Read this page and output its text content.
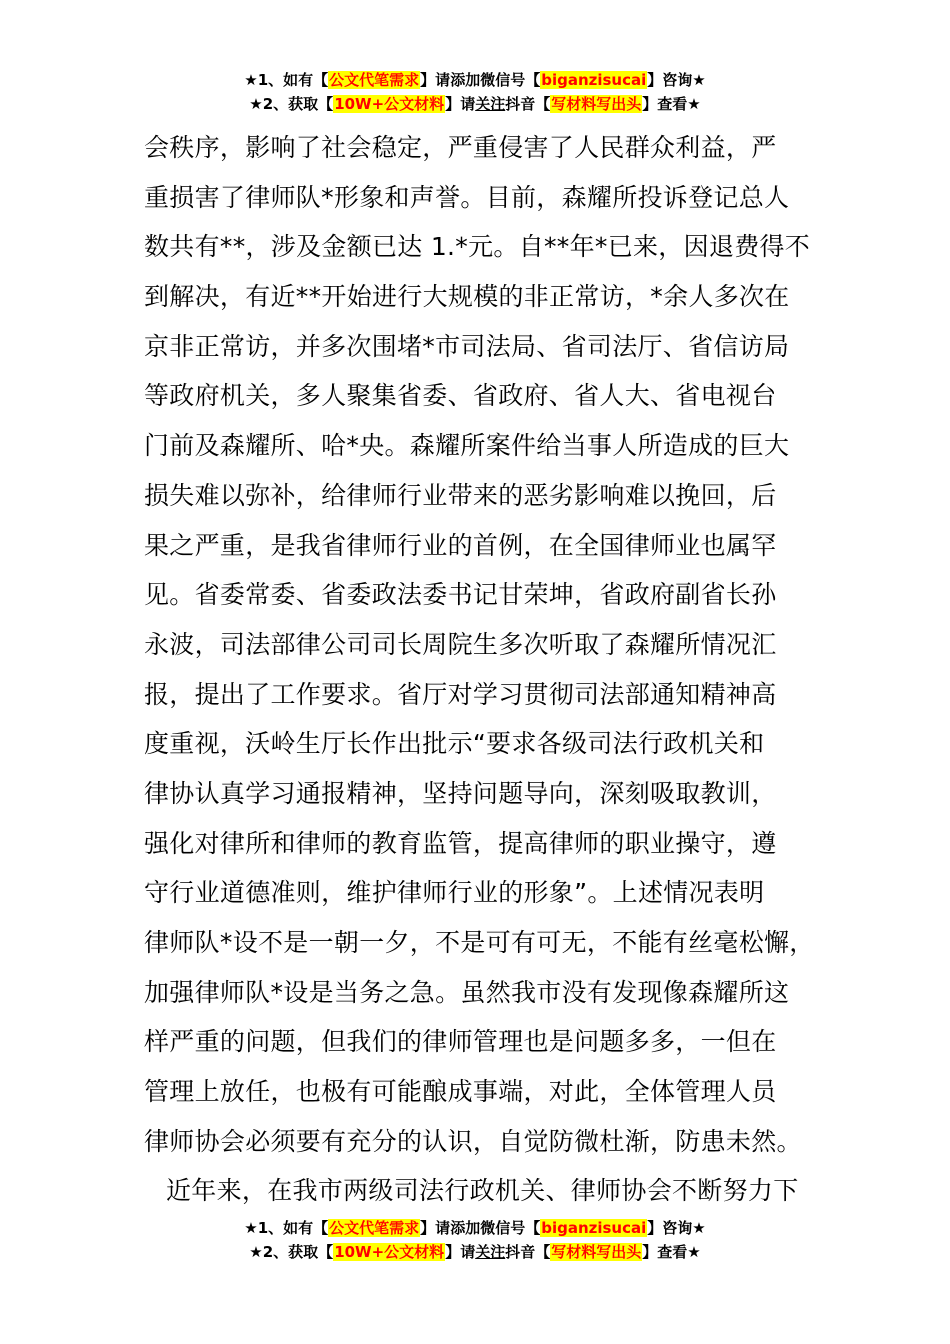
★1、如有【公文代笔需求】请添加微信号【biganzisucai】咨询★
★2、获取【10W+公文材料】请关注抖音【写材料写出头】查看★
会秩序，影响了社会稳定，严重侵害了人民群众利益，严
重损害了律师队*形象和声誉。目前，森耀所投诉登记总人
数共有**，涉及金额已达 1.*元。自**年*已来，因退费得不
到解决，有近**开始进行大规模的非正常访，*余人多次在
京非正常访，并多次围堵*市司法局、省司法厅、省信访局
等政府机关，多人聚集省委、省政府、省人大、省电视台
门前及森耀所、哈*央。森耀所案件给当事人所造成的巨大
损失难以弥补，给律师行业带来的恶劣影响难以挽回，后
果之严重，是我省律师行业的首例，在全国律师业也属罕
见。省委常委、省委政法委书记甘荣坤，省政府副省长孙
永波，司法部律公司司长周院生多次听取了森耀所情况汇
报，提出了工作要求。省厅对学习贯彻司法部通知精神高
度重视，沃岭生厅长作出批示“要求各级司法行政机关和
律协认真学习通报精神，坚持问题导向，深刻吸取教训，
强化对律所和律师的教育监管，提高律师的职业操守，遵
守行业道德准则，维护律师行业的形象”。上述情况表明
律师队*设不是一朝一夕，不是可有可无，不能有丝毫松懈，
加强律师队*设是当务之急。虽然我市没有发现像森耀所这
样严重的问题，但我们的律师管理也是问题多多，一但在
管理上放任，也极有可能酿成事端，对此，全体管理人员
律师协会必须要有充分的认识，自觉防微杜渐，防患未然。
近年来，在我市两级司法行政机关、律师协会不断努力下
★1、如有【公文代笔需求】请添加微信号【biganzisucai】咨询★
★2、获取【10W+公文材料】请关注抖音【写材料写出头】查看★
